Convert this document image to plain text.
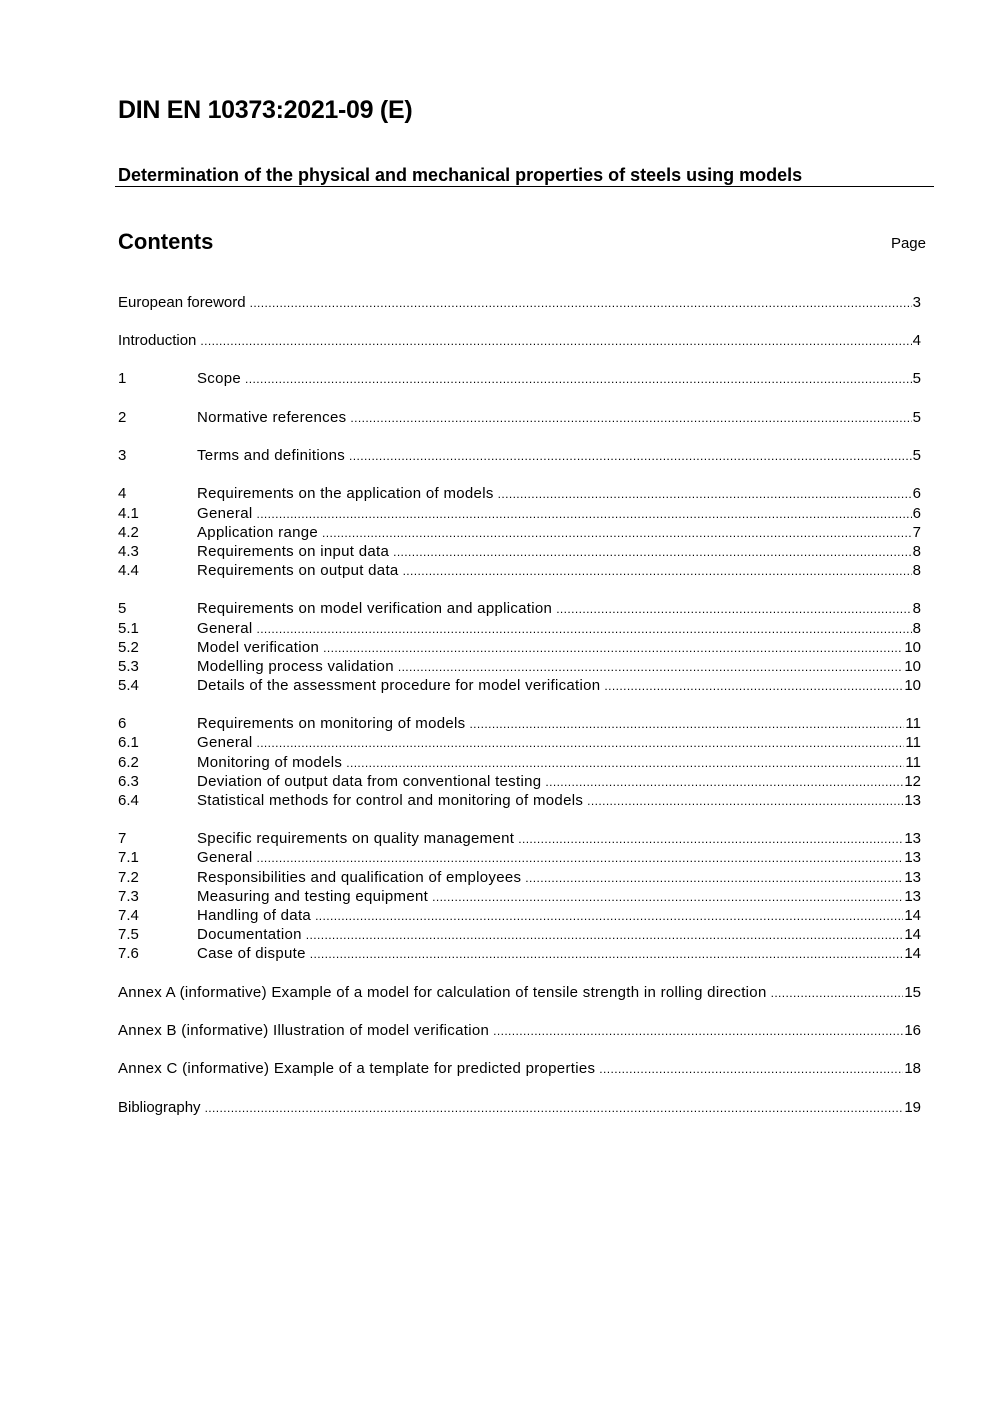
DIN EN 10373:2021-09 (E)
Determination of the physical and mechanical properties of steels using models
Contents	Page
European foreword .....	3
Introduction .....	4
1	Scope .....	5
2	Normative references .....	5
3	Terms and definitions .....	5
4	Requirements on the application of models .....	6
4.1	General .....	6
4.2	Application range .....	7
4.3	Requirements on input data .....	8
4.4	Requirements on output data .....	8
5	Requirements on model verification and application .....	8
5.1	General .....	8
5.2	Model verification .....	10
5.3	Modelling process validation .....	10
5.4	Details of the assessment procedure for model verification .....	10
6	Requirements on monitoring of models .....	11
6.1	General .....	11
6.2	Monitoring of models .....	11
6.3	Deviation of output data from conventional testing .....	12
6.4	Statistical methods for control and monitoring of models .....	13
7	Specific requirements on quality management .....	13
7.1	General .....	13
7.2	Responsibilities and qualification of employees .....	13
7.3	Measuring and testing equipment .....	13
7.4	Handling of data .....	14
7.5	Documentation .....	14
7.6	Case of dispute .....	14
Annex A (informative) Example of a model for calculation of tensile strength in rolling direction .....	15
Annex B (informative) Illustration of model verification .....	16
Annex C (informative) Example of a template for predicted properties .....	18
Bibliography .....	19
